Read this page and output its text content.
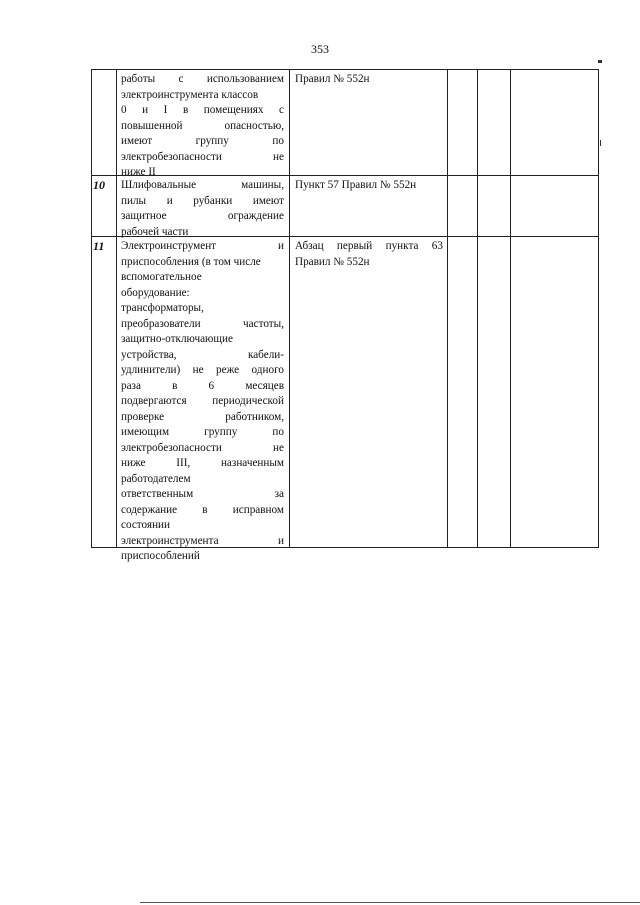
353
работы с использованием
электроинструмента классов
0 и I в помещениях с
повышенной опасностью,
имеют группу по
электробезопасности не
ниже II
Правил № 552н
10 Шлифовальные машины,
пилы и рубанки имеют
защитное ограждение
рабочей части
Пункт 57 Правил № 552н
11 Электроинструмент и
приспособления (в том числе
вспомогательное
оборудование:
трансформаторы,
преобразователи частоты,
защитно-отключающие
устройства, кабели-
удлинители) не реже одного
раза в 6 месяцев
подвергаются периодической
проверке работником,
имеющим группу по
электробезопасности не
ниже III, назначенным
работодателем
ответственным за
содержание в исправном
состоянии
электроинструмента и
приспособлений
Абзац первый пункта 63
Правил № 552н
